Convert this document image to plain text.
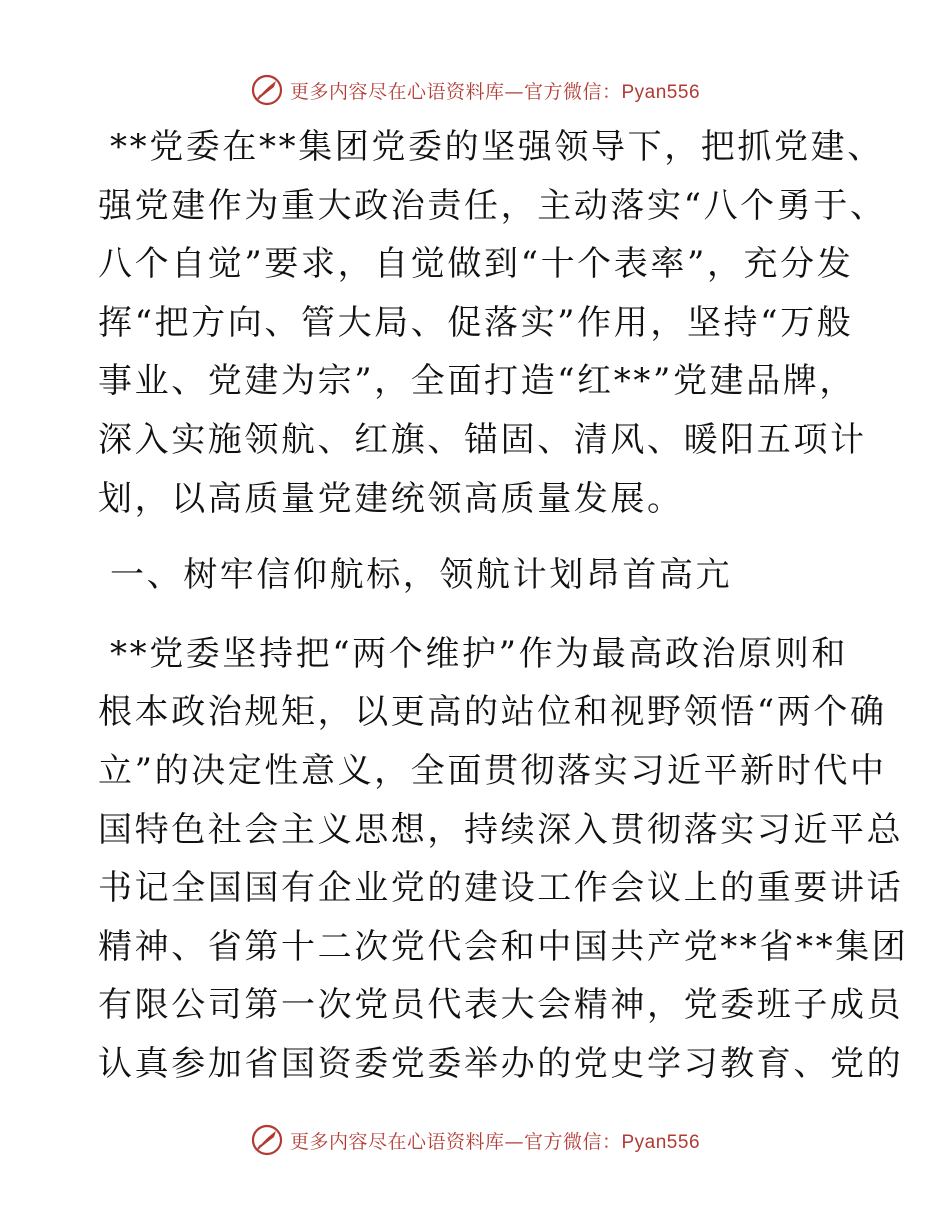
更多内容尽在心语资料库—官方微信：Pyan556
**党委在**集团党委的坚强领导下，把抓党建、
强党建作为重大政治责任，主动落实“八个勇于、
八个自觉”要求，自觉做到“十个表率”，充分发
挥“把方向、管大局、促落实”作用，坚持“万般
事业、党建为宗”，全面打造“红**”党建品牌，
深入实施领航、红旗、锚固、清风、暖阳五项计
划，以高质量党建统领高质量发展。
一、树牢信仰航标，领航计划昂首高亢
**党委坚持把“两个维护”作为最高政治原则和
根本政治规矩，以更高的站位和视野领悟“两个确
立”的决定性意义，全面贯彻落实习近平新时代中
国特色社会主义思想，持续深入贯彻落实习近平总
书记全国国有企业党的建设工作会议上的重要讲话
精神、省第十二次党代会和中国共产党**省**集团
有限公司第一次党员代表大会精神，党委班子成员
认真参加省国资委党委举办的党史学习教育、党的
更多内容尽在心语资料库—官方微信：Pyan556
